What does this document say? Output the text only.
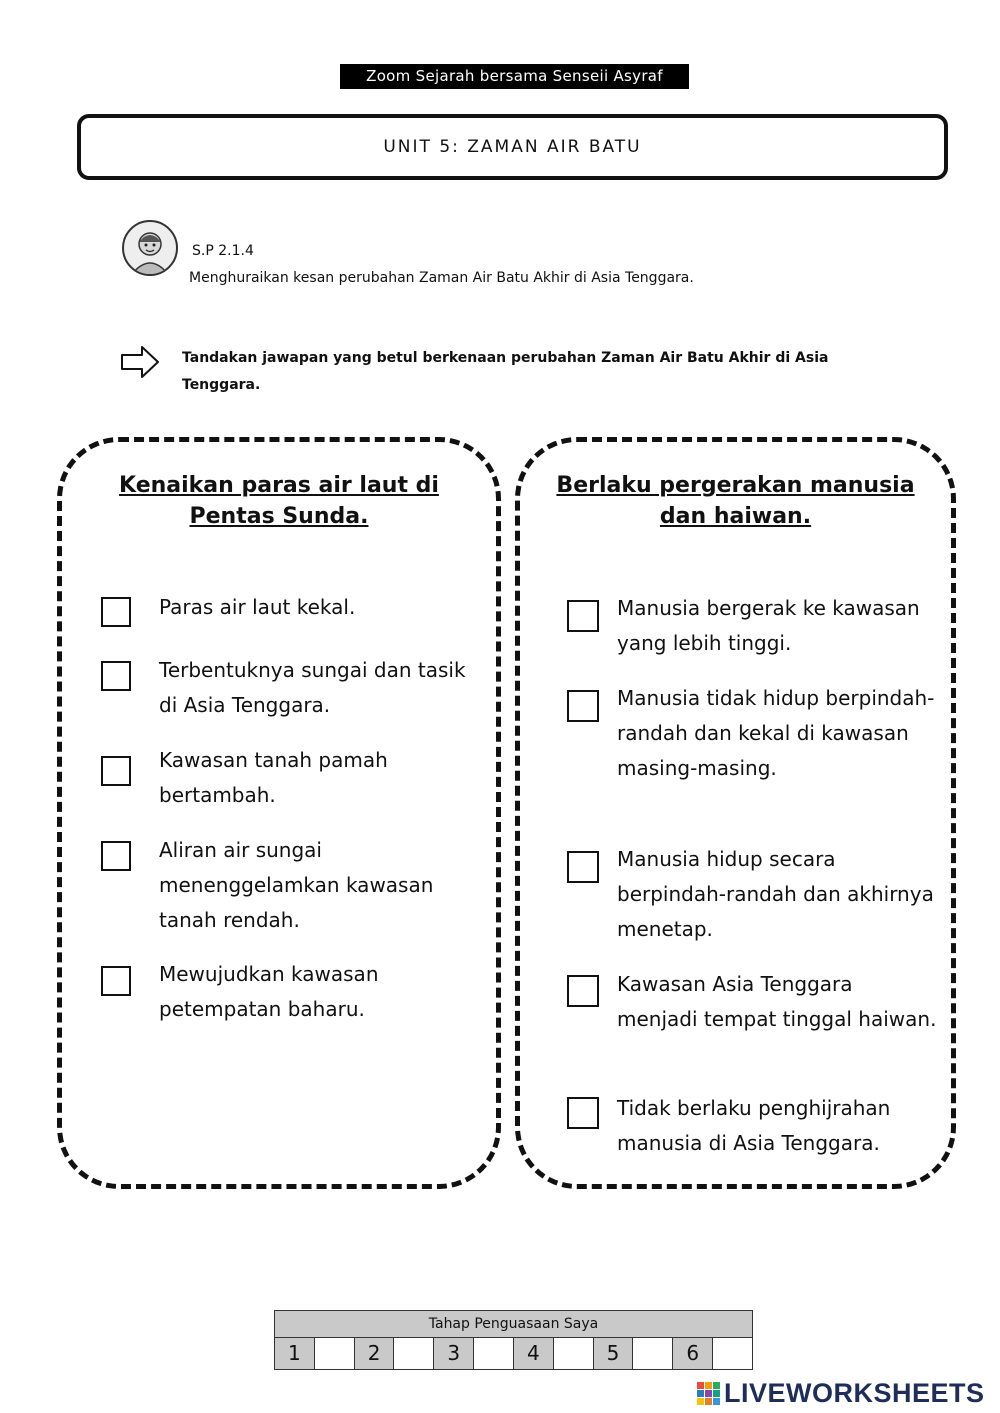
Zoom Sejarah bersama Senseii Asyraf
UNIT 5: ZAMAN AIR BATU
S.P 2.1.4
Menghuraikan kesan perubahan Zaman Air Batu Akhir di Asia Tenggara.
Tandakan jawapan yang betul berkenaan perubahan Zaman Air Batu Akhir di Asia Tenggara.
Kenaikan paras air laut di Pentas Sunda.
Paras air laut kekal.
Terbentuknya sungai dan tasik di Asia Tenggara.
Kawasan tanah pamah bertambah.
Aliran air sungai menenggelamkan kawasan tanah rendah.
Mewujudkan kawasan petempatan baharu.
Berlaku pergerakan manusia dan haiwan.
Manusia bergerak ke kawasan yang lebih tinggi.
Manusia tidak hidup berpindah-randah dan kekal di kawasan masing-masing.
Manusia hidup secara berpindah-randah dan akhirnya menetap.
Kawasan Asia Tenggara menjadi tempat tinggal haiwan.
Tidak berlaku penghijrahan manusia di Asia Tenggara.
Tahap Penguasaan Saya
1	2	3	4	5	6
LIVEWORKSHEETS
